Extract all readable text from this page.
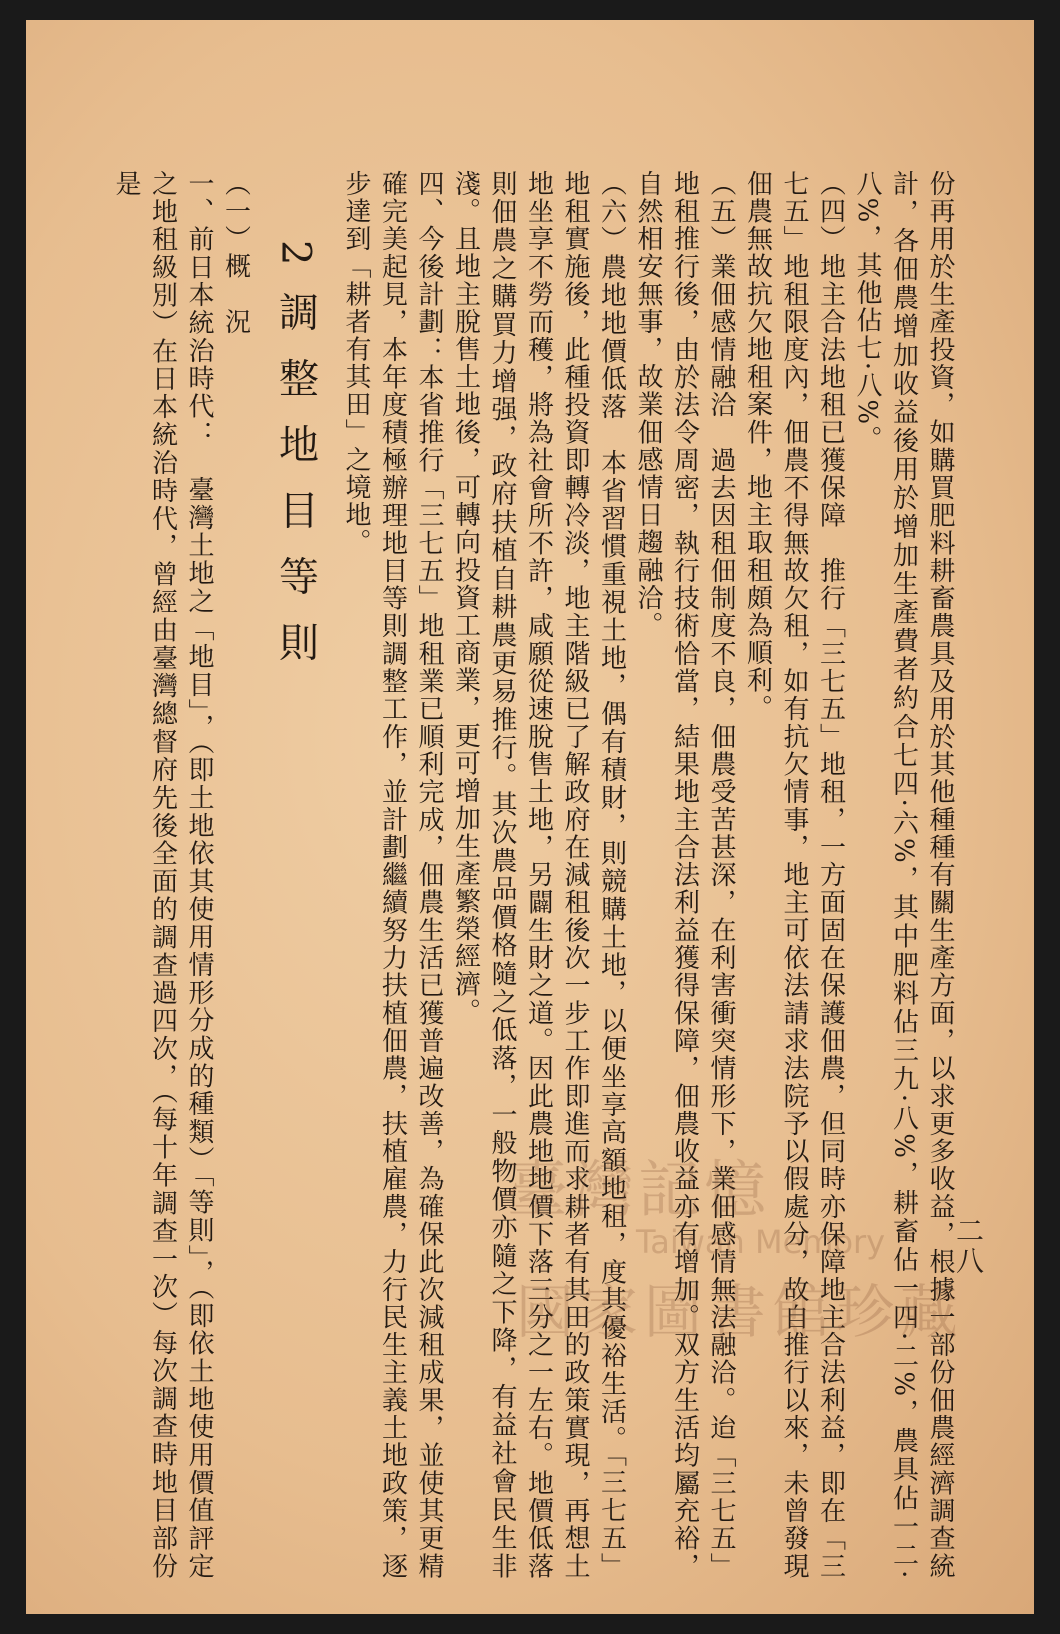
二八

份再用於生產投資，如購買肥料耕畜農具及用於其他種種有關生產方面，以求更多收益，根據一部份佃農經濟調查統計，各佃農增加收益後用於增加生產費者約合七四·六%，其中肥料佔三九·八%，耕畜佔一四·二%，農具佔一二·八%，其他佔七·八%。

（四）地主合法地租已獲保障　推行「三七五」地租，一方面固在保護佃農，但同時亦保障地主合法利益，即在「三七五」地租限度內，佃農不得無故欠租，如有抗欠情事，地主可依法請求法院予以假處分，故自推行以來，未曾發現佃農無故抗欠地租案件，地主取租頗為順利。

（五）業佃感情融洽　過去因租佃制度不良，佃農受苦甚深，在利害衝突情形下，業佃感情無法融洽。迨「三七五」地租推行後，由於法令周密，執行技術恰當，結果地主合法利益獲得保障，佃農收益亦有增加。双方生活均屬充裕，自然相安無事，故業佃感情日趨融洽。

（六）農地地價低落　本省習慣重視土地，偶有積財，則競購土地，以便坐享高額地租，度其優裕生活。「三七五」地租實施後，此種投資即轉冷淡，地主階級已了解政府在減租後次一步工作即進而求耕者有其田的政策實現，再想土地坐享不勞而穫，將為社會所不許，咸願從速脫售土地，另闢生財之道。因此農地地價下落三分之一左右。地價低落則佃農之購買力增强，政府扶植自耕農更易推行。其次農品價格隨之低落，一般物價亦隨之下降，有益社會民生非淺。且地主脫售土地後，可轉向投資工商業，更可增加生產繁榮經濟。

四、今後計劃：本省推行「三七五」地租業已順利完成，佃農生活已獲普遍改善，為確保此次減租成果，並使其更精確完美起見，本年度積極辦理地目等則調整工作，並計劃繼續努力扶植佃農，扶植雇農，力行民生主義土地政策，逐步達到「耕者有其田」之境地。

2調整地目等則

（一）概　況

一、前日本統治時代：　臺灣土地之「地目」，（即土地依其使用情形分成的種類）「等則」，（即依土地使用價值評定之地租級別）在日本統治時代，曾經由臺灣總督府先後全面的調查過四次，（每十年調查一次）每次調查時地目部份是

臺灣記憶
Taiwan Memory
國家圖書館珍藏
